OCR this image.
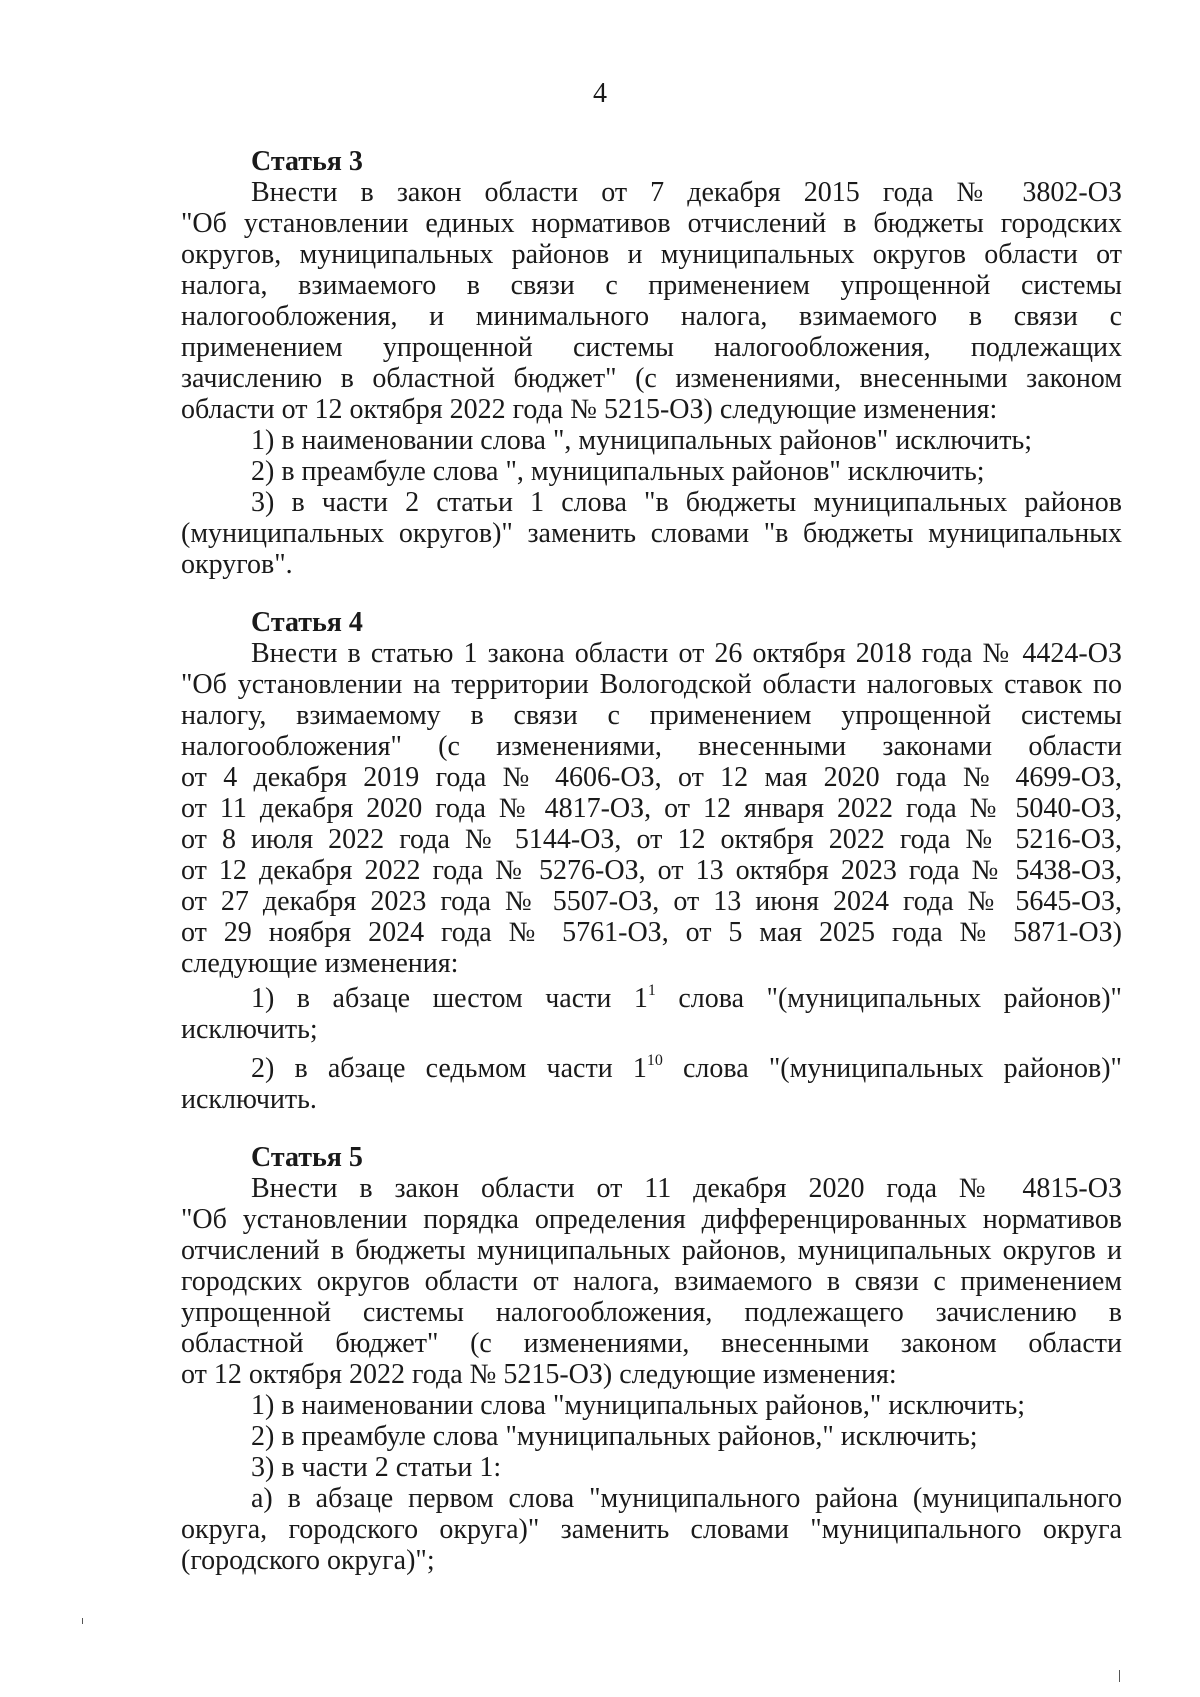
4

Статья 3

Внести в закон области от 7 декабря 2015 года № 3802-ОЗ

"Об установлении единых нормативов отчислений в бюджеты городских

округов, муниципальных районов и муниципальных округов области от

налога, взимаемого в связи с применением упрощенной системы

налогообложения, и минимального налога, взимаемого в связи с

применением упрощенной системы налогообложения, подлежащих

зачислению в областной бюджет" (с изменениями, внесенными законом

области от 12 октября 2022 года № 5215-ОЗ) следующие изменения:

1) в наименовании слова ", муниципальных районов" исключить;

2) в преамбуле слова ", муниципальных районов" исключить;

3) в части 2 статьи 1 слова "в бюджеты муниципальных районов (муниципальных округов)" заменить словами "в бюджеты муниципальных округов".

Статья 4

Внести в статью 1 закона области от 26 октября 2018 года № 4424-ОЗ

"Об установлении на территории Вологодской области налоговых ставок по

налогу, взимаемому в связи с применением упрощенной системы

налогообложения" (с изменениями, внесенными законами области

от 4 декабря 2019 года № 4606-ОЗ, от 12 мая 2020 года № 4699-ОЗ,

от 11 декабря 2020 года № 4817-ОЗ, от 12 января 2022 года № 5040-ОЗ,

от 8 июля 2022 года № 5144-ОЗ, от 12 октября 2022 года № 5216-ОЗ,

от 12 декабря 2022 года № 5276-ОЗ, от 13 октября 2023 года № 5438-ОЗ,

от 27 декабря 2023 года № 5507-ОЗ, от 13 июня 2024 года № 5645-ОЗ,

от 29 ноября 2024 года № 5761-ОЗ, от 5 мая 2025 года № 5871-ОЗ)

следующие изменения:

1) в абзаце шестом части $1^1$ слова "(муниципальных районов)" исключить;

2) в абзаце седьмом части $1^{10}$ слова "(муниципальных районов)" исключить.

Статья 5

Внести в закон области от 11 декабря 2020 года № 4815-ОЗ

"Об установлении порядка определения дифференцированных нормативов

отчислений в бюджеты муниципальных районов, муниципальных округов и

городских округов области от налога, взимаемого в связи с применением

упрощенной системы налогообложения, подлежащего зачислению в

областной бюджет" (с изменениями, внесенными законом области

от 12 октября 2022 года № 5215-ОЗ) следующие изменения:

1) в наименовании слова "муниципальных районов," исключить;

2) в преамбуле слова "муниципальных районов," исключить;

3) в части 2 статьи 1:

а) в абзаце первом слова "муниципального района (муниципального округа, городского округа)" заменить словами "муниципального округа (городского округа)";
